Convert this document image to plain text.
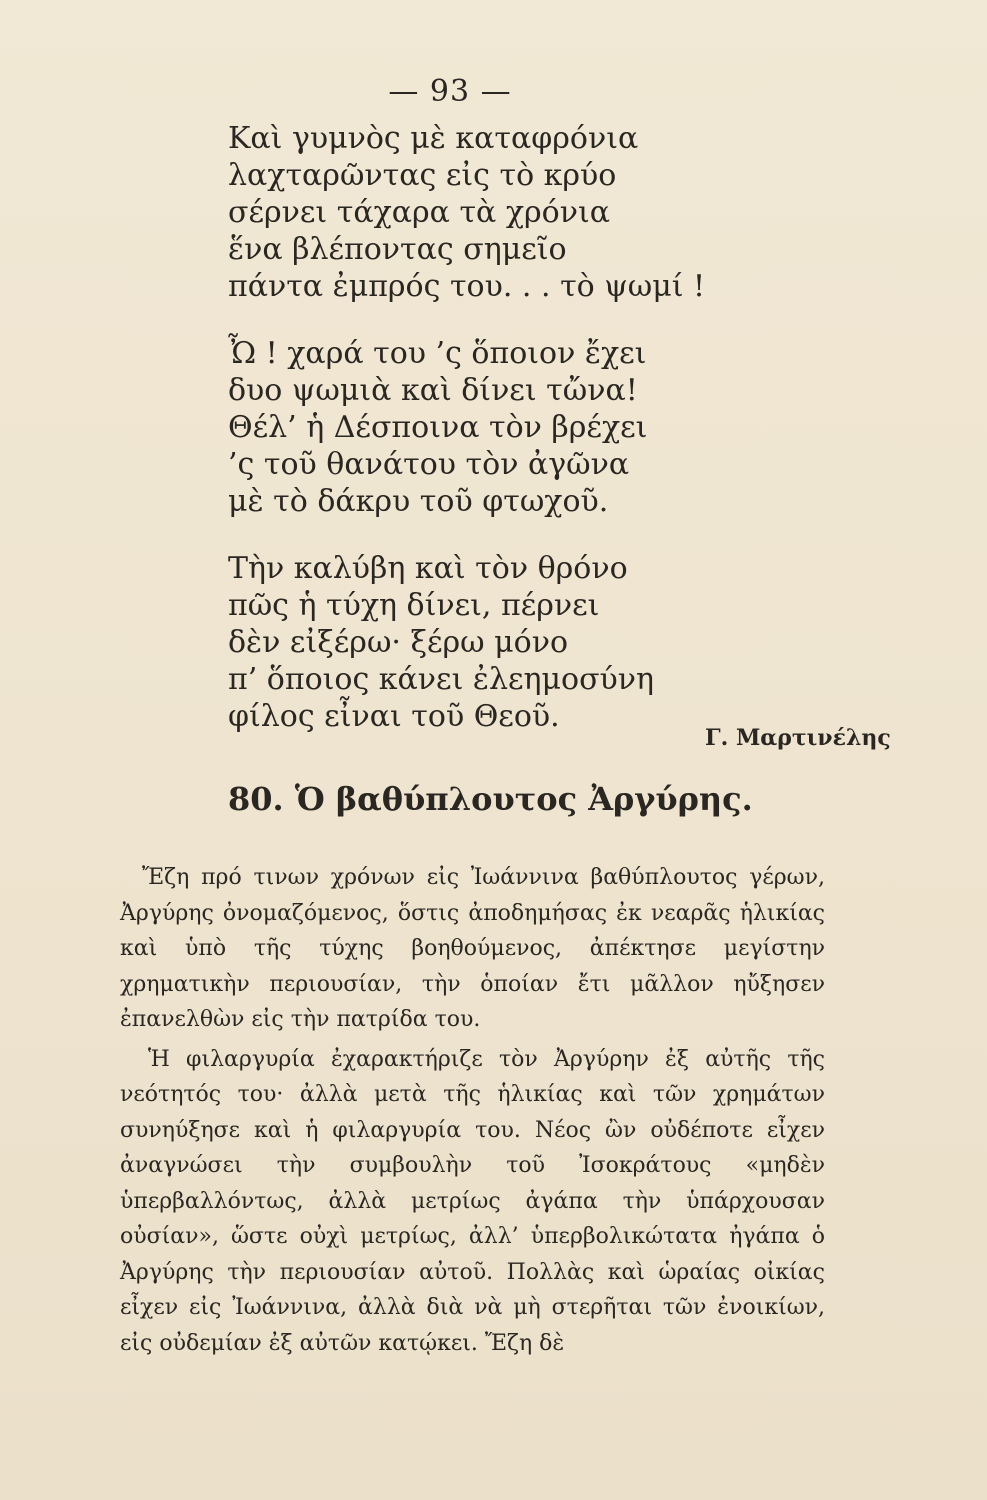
— 93 —
Καὶ γυμνὸς μὲ καταφρόνια
λαχταρῶντας εἰς τὸ κρύο
σέρνει τάχαρα τὰ χρόνια
ἕνα βλέποντας σημεῖο
πάντα ἐμπρός του. . . τὸ ψωμί !
Ὦ ! χαρά του ’ς ὅποιον ἔχει
δυο ψωμιὰ καὶ δίνει τὤνα!
Θέλ’ ἡ Δέσποινα τὸν βρέχει
’ς τοῦ θανάτου τὸν ἀγῶνα
μὲ τὸ δάκρυ τοῦ φτωχοῦ.
Τὴν καλύβη καὶ τὸν θρόνο
πῶς ἡ τύχη δίνει, πέρνει
δὲν εἰξέρω· ξέρω μόνο
π’ ὅποιος κάνει ἐλεημοσύνη
φίλος εἶναι τοῦ Θεοῦ.
Γ. Μαρτινέλης
80. Ὁ βαθύπλουτος Ἀργύρης.

Ἔζη πρό τινων χρόνων εἰς Ἰωάννινα βαθύπλουτος γέρων, Ἀργύρης ὀνομαζόμενος, ὅστις ἀποδημήσας ἐκ νεαρᾶς ἡλικίας καὶ ὑπὸ τῆς τύχης βοηθούμενος, ἀπέκτησε μεγίστην χρηματικὴν περιουσίαν, τὴν ὁποίαν ἔτι μᾶλλον ηὔξησεν ἐπανελθὼν εἰς τὴν πατρίδα του.

Ἡ φιλαργυρία ἐχαρακτήριζε τὸν Ἀργύρην ἐξ αὐτῆς τῆς νεότητός του· ἀλλὰ μετὰ τῆς ἡλικίας καὶ τῶν χρημάτων συνηύξησε καὶ ἡ φιλαργυρία του. Νέος ὢν οὐδέποτε εἶχεν ἀναγνώσει τὴν συμβουλὴν τοῦ Ἰσοκράτους «μηδὲν ὑπερβαλλόντως, ἀλλὰ μετρίως ἀγάπα τὴν ὑπάρχουσαν οὐσίαν», ὥστε οὐχὶ μετρίως, ἀλλ’ ὑπερβολικώτατα ἠγάπα ὁ Ἀργύρης τὴν περιουσίαν αὐτοῦ. Πολλὰς καὶ ὡραίας οἰκίας εἶχεν εἰς Ἰωάννινα, ἀλλὰ διὰ νὰ μὴ στερῆται τῶν ἐνοικίων, εἰς οὐδεμίαν ἐξ αὐτῶν κατῴκει. Ἔζη δὲ
